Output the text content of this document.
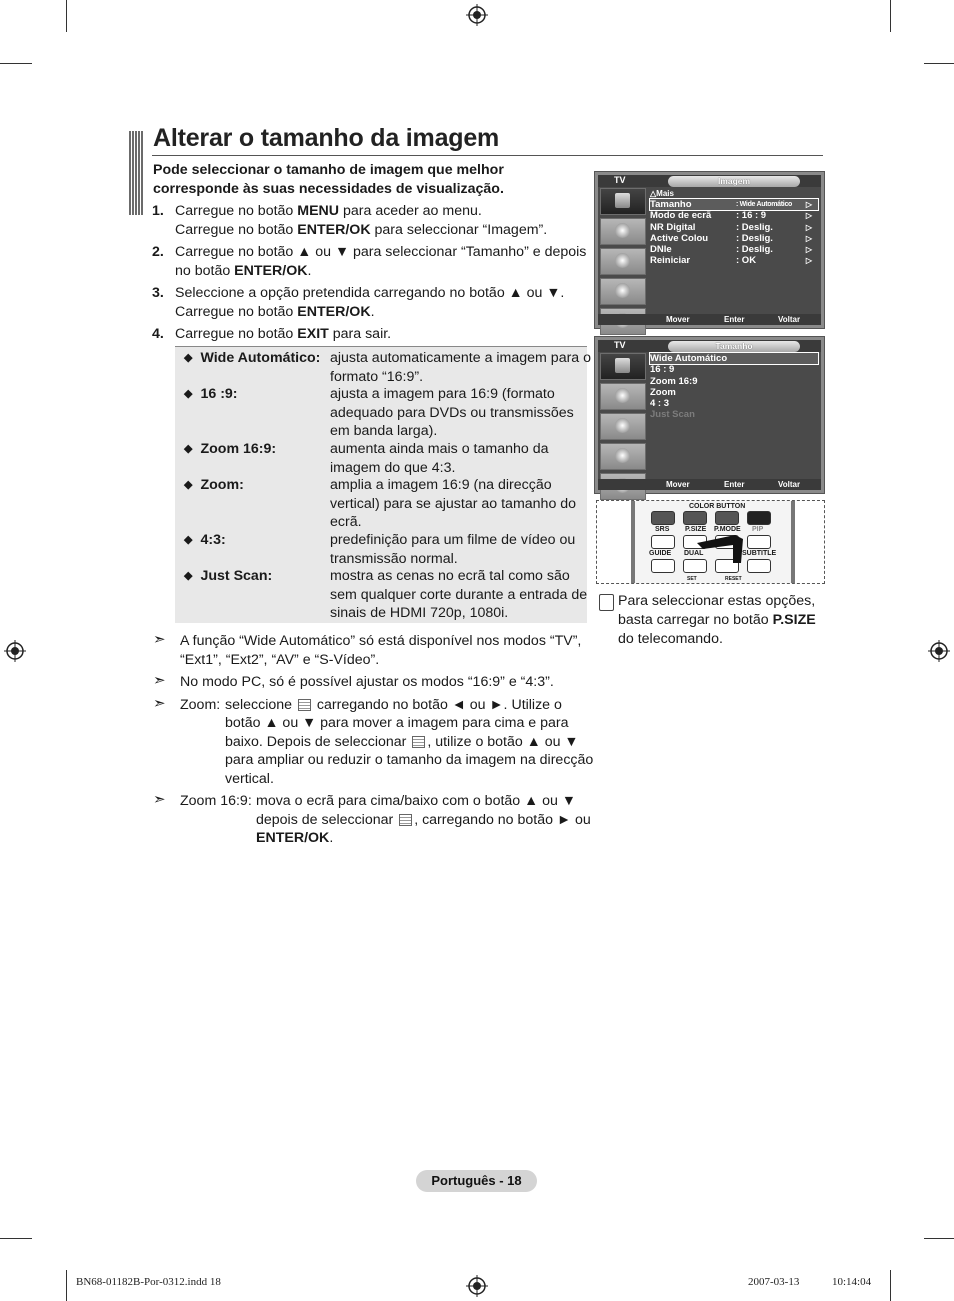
Alterar o tamanho da imagem
Pode seleccionar o tamanho de imagem que melhor corresponde às suas necessidades de visualização.
1. Carregue no botão MENU para aceder ao menu.
Carregue no botão ENTER/OK para seleccionar “Imagem”.
2. Carregue no botão ▲ ou ▼ para seleccionar “Tamanho” e depois no botão ENTER/OK.
3. Seleccione a opção pretendida carregando no botão ▲ ou ▼. Carregue no botão ENTER/OK.
4. Carregue no botão EXIT para sair.
◆ Wide Automático: ajusta automaticamente a imagem para o formato “16:9”.
◆ 16 :9:	ajusta a imagem para 16:9 (formato adequado para DVDs ou transmissões em banda larga).
◆ Zoom 16:9:	aumenta ainda mais o tamanho da imagem do que 4:3.
◆ Zoom:	amplia a imagem 16:9 (na direcção vertical) para se ajustar ao tamanho do ecrã.
◆ 4:3:	predefinição para um filme de vídeo ou transmissão normal.
◆ Just Scan:	mostra as cenas no ecrã tal como são sem qualquer corte durante a entrada de sinais de HDMI 720p, 1080i.
➣ A função “Wide Automático” só está disponível nos modos “TV”, “Ext1”, “Ext2”, “AV” e “S-Vídeo”.
➣ No modo PC, só é possível ajustar os modos “16:9” e “4:3”.
➣ Zoom: seleccione  carregando no botão ◄ ou ►. Utilize o botão ▲ ou ▼ para mover a imagem para cima e para baixo. Depois de seleccionar , utilize o botão ▲ ou ▼ para ampliar ou reduzir o tamanho da imagem na direcção vertical.
➣ Zoom 16:9: mova o ecrã para cima/baixo com o botão ▲ ou ▼ depois de seleccionar , carregando no botão ► ou ENTER/OK.
TV	Imagem
△Mais
Tamanho	: Wide Automático ▷
Modo de ecrã	: 16 : 9	▷
NR Digital	: Deslig.	▷
Active Colou	: Deslig.	▷
DNIe	: Deslig.	▷
Reiniciar	: OK	▷
Mover	Enter	Voltar
TV	Tamanho
Wide Automático
16 : 9
Zoom 16:9
Zoom
4 : 3
Just Scan
Mover	Enter	Voltar
COLOR BUTTON
SRS P.SIZE P.MODE PIP
GUIDE DUAL	SUBTITLE
SET	RESET
Para seleccionar estas opções, basta carregar no botão P.SIZE do telecomando.
Português - 18
BN68-01182B-Por-0312.indd 18	2007-03-13	10:14:04
